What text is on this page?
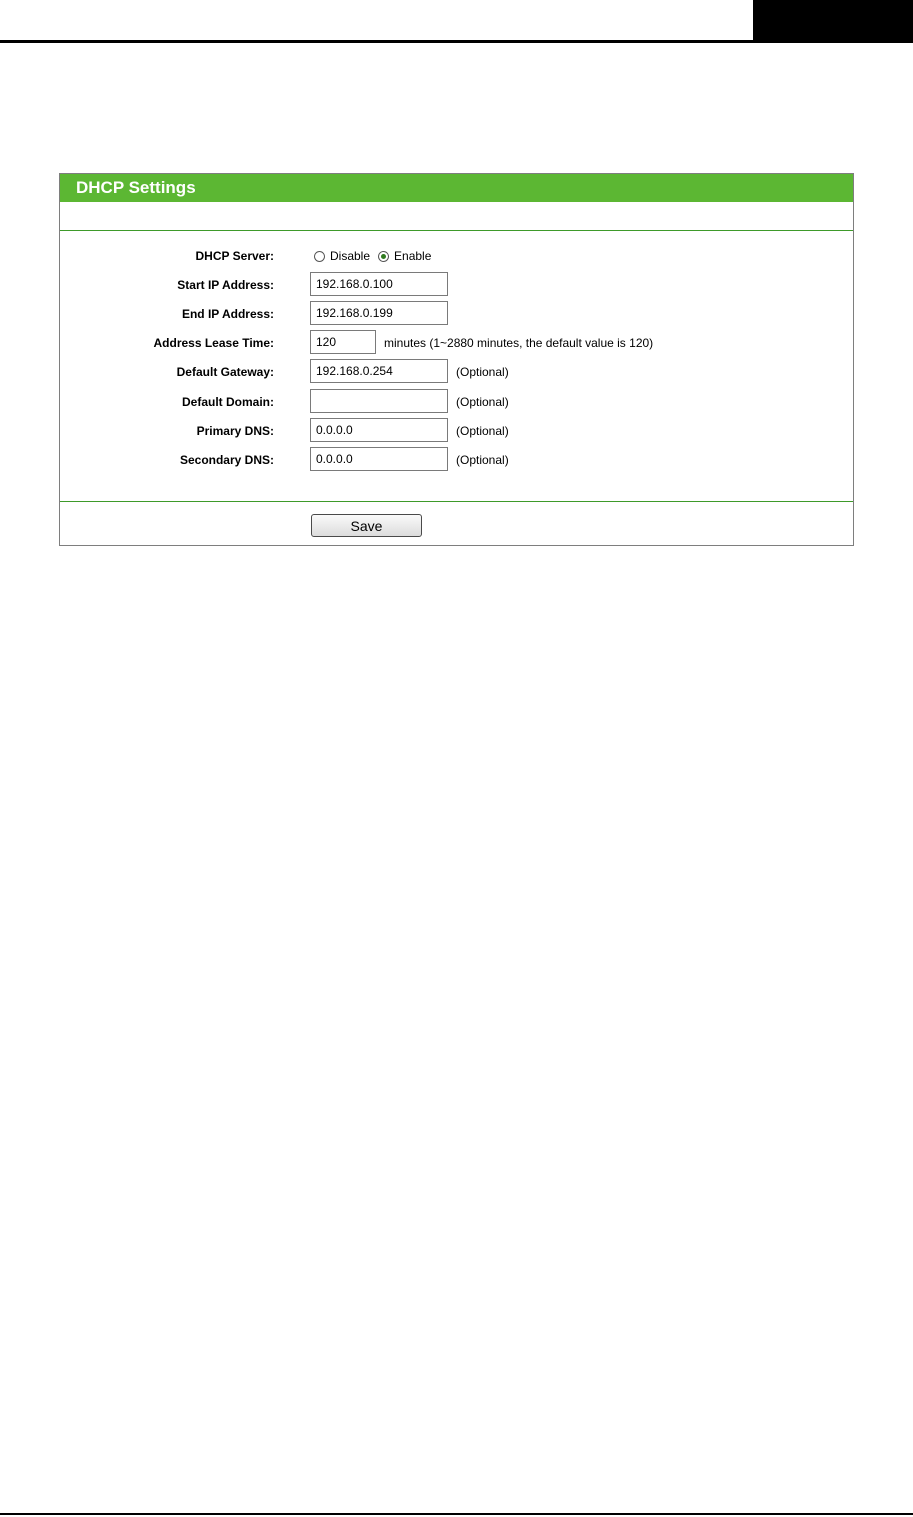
DHCP Settings
DHCP Server:	Disable Enable
Start IP Address:
192.168.0.100
End IP Address:
192.168.0.199
Address Lease Time:
120	minutes (1~2880 minutes, the default value is 120)
Default Gateway:
192.168.0.254	(Optional)
Default Domain:	(Optional)
Primary DNS:
0.0.0.0	(Optional)
Secondary DNS:
0.0.0.0	(Optional)
Save
